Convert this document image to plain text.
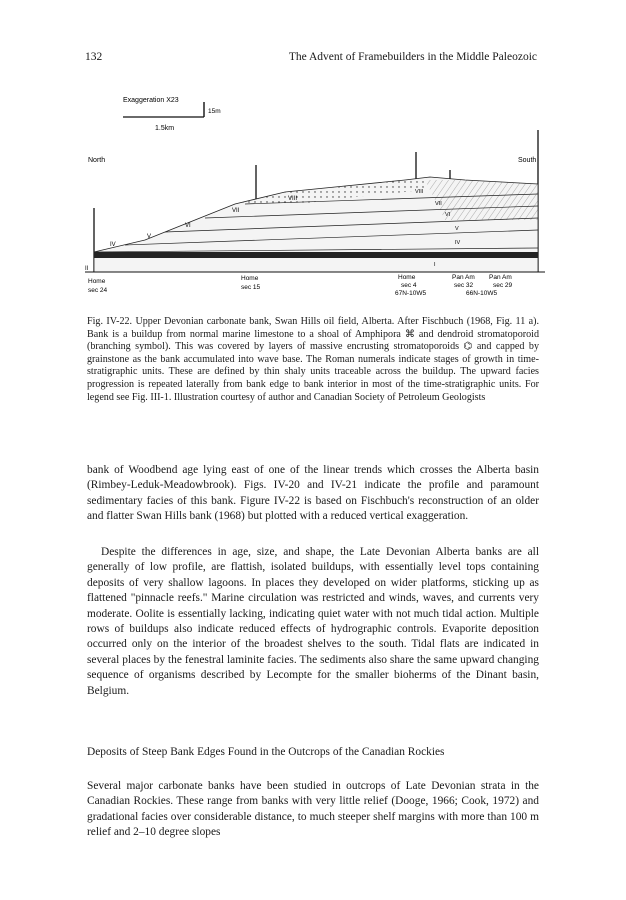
132	The Advent of Framebuilders in the Middle Paleozoic
Exaggeration X23
15m
1.5km
North	South
II
IV
V
VI
VII
VIII
VIII
VII
VI
V
IV
I
Home
sec 24
Home
sec 15
Home
sec 4
67N-10W5
Pan Am
sec 32
Pan Am
sec 29
66N-10W5

Fig. IV-22. Upper Devonian carbonate bank, Swan Hills oil field, Alberta. After Fischbuch (1968, Fig. 11 a). Bank is a buildup from normal marine limestone to a shoal of Amphipora ⌘ and dendroid stromatoporoid (branching symbol). This was covered by layers of massive encrusting stromatoporoids ⌬ and capped by grainstone as the bank accumulated into wave base. The Roman numerals indicate stages of growth in time-stratigraphic units. These are defined by thin shaly units traceable across the buildup. The upward facies progression is repeated laterally from bank edge to bank interior in most of the time-stratigraphic units. For legend see Fig. III-1. Illustration courtesy of author and Canadian Society of Petroleum Geologists

bank of Woodbend age lying east of one of the linear trends which crosses the Alberta basin (Rimbey-Leduk-Meadowbrook). Figs. IV-20 and IV-21 indicate the profile and paramount sedimentary facies of this bank. Figure IV-22 is based on Fischbuch's reconstruction of an older and flatter Swan Hills bank (1968) but plotted with a reduced vertical exaggeration.

Despite the differences in age, size, and shape, the Late Devonian Alberta banks are all generally of low profile, are flattish, isolated buildups, with essentially level tops containing deposits of very shallow lagoons. In places they developed on wider platforms, sticking up as flattened "pinnacle reefs." Marine circulation was restricted and winds, waves, and currents very moderate. Oolite is essentially lacking, indicating quiet water with not much tidal action. Multiple rows of buildups also indicate reduced effects of hydrographic controls. Evaporite deposition occurred only on the interior of the broadest shelves to the south. Tidal flats are indicated in several places by the fenestral laminite facies. The sediments also share the same upward changing sequence of organisms described by Lecompte for the smaller bioherms of the Dinant basin, Belgium.

Deposits of Steep Bank Edges Found in the Outcrops of the Canadian Rockies

Several major carbonate banks have been studied in outcrops of Late Devonian strata in the Canadian Rockies. These range from banks with very little relief (Dooge, 1966; Cook, 1972) and gradational facies over considerable distance, to much steeper shelf margins with more than 100 m relief and 2–10 degree slopes
